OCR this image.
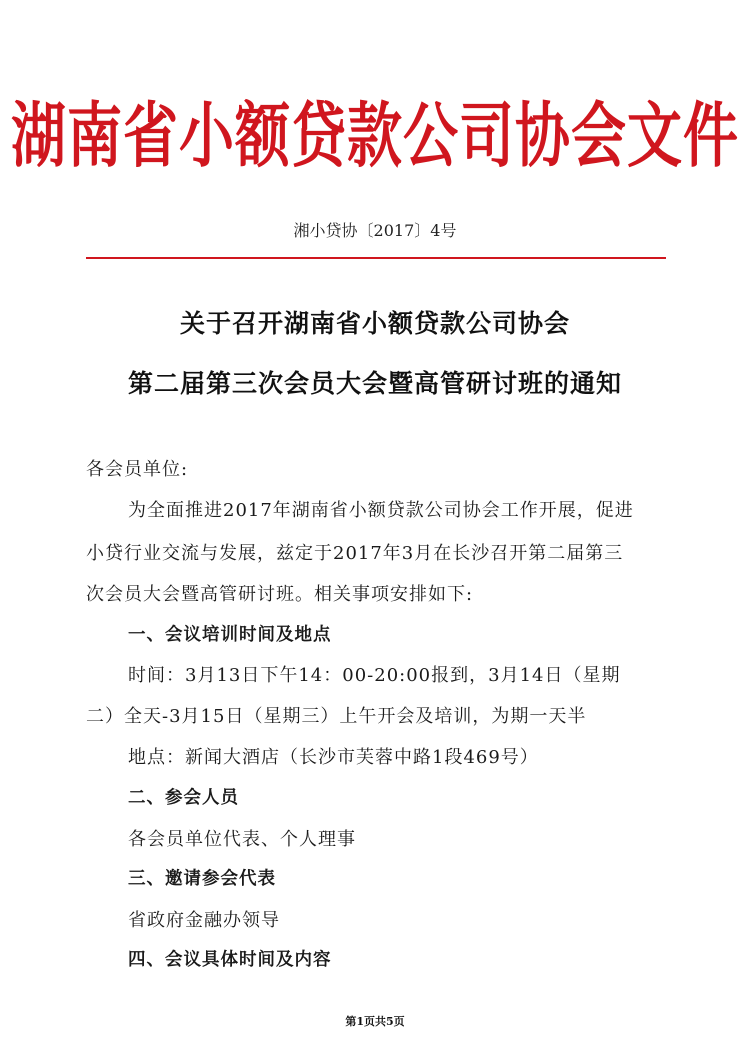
湖南省小额贷款公司协会文件
湘小贷协〔2017〕4号
关于召开湖南省小额贷款公司协会
第二届第三次会员大会暨高管研讨班的通知
各会员单位:
为全面推进2017年湖南省小额贷款公司协会工作开展，促进
小贷行业交流与发展，兹定于2017年3月在长沙召开第二届第三
次会员大会暨高管研讨班。相关事项安排如下:
一、会议培训时间及地点
时间：3月13日下午14：00-20:00报到，3月14日（星期
二）全天-3月15日（星期三）上午开会及培训，为期一天半
地点：新闻大酒店（长沙市芙蓉中路1段469号）
二、参会人员
各会员单位代表、个人理事
三、邀请参会代表
省政府金融办领导
四、会议具体时间及内容
第1页共5页
